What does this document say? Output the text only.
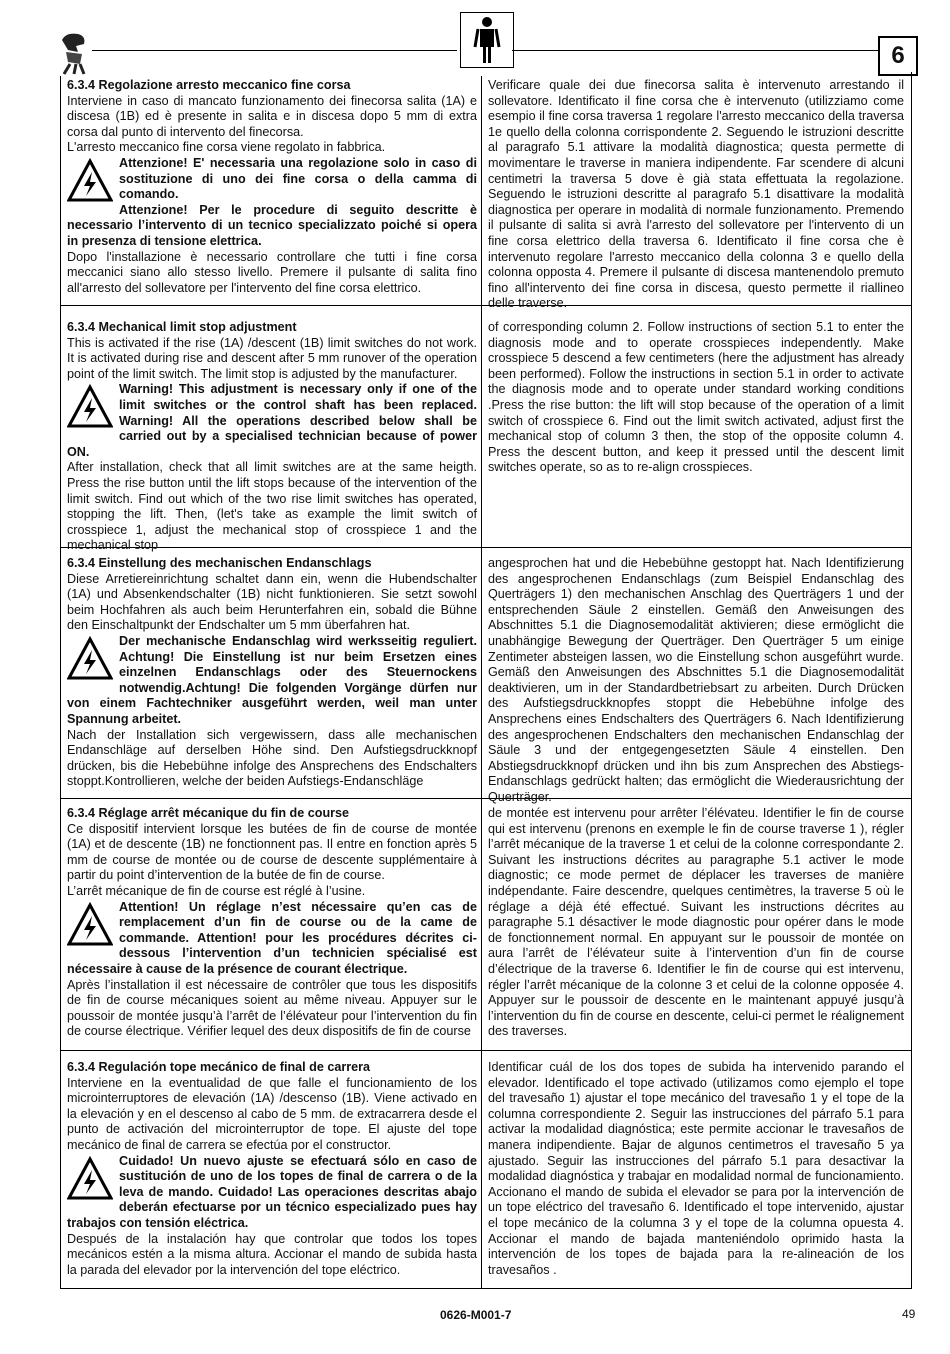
6

6.3.4 Regolazione arresto meccanico fine corsa

Interviene in caso di mancato funzionamento dei finecorsa salita (1A) e discesa (1B) ed è presente in salita e in discesa dopo 5 mm di extra corsa dal punto di intervento del finecorsa.

L'arresto meccanico fine corsa viene regolato in fabbrica.

Attenzione! E' necessaria una regolazione solo in caso di sostituzione di uno dei fine corsa o della camma di comando.

Attenzione! Per le procedure di seguito descritte è necessario l’intervento di un tecnico specializzato poiché si opera in presenza di tensione elettrica.

Dopo l'installazione è necessario controllare che tutti i fine corsa meccanici siano allo stesso livello. Premere il pulsante di salita fino all'arresto del sollevatore per l'intervento del fine corsa elettrico.

Verificare quale dei due finecorsa salita è intervenuto arrestando il sollevatore. Identificato il fine corsa che è intervenuto (utilizziamo come esempio il fine corsa traversa 1 regolare l'arresto meccanico della traversa 1e quello della colonna corrispondente 2. Seguendo le istruzioni descritte al paragrafo 5.1 attivare la modalità diagnostica; questa permette di movimentare le traverse in maniera indipendente. Far scendere di alcuni centimetri la traversa 5 dove è già stata effettuata la regolazione. Seguendo le istruzioni descritte al paragrafo 5.1 disattivare la modalità diagnostica per operare in modalità di normale funzionamento. Premendo il pulsante di salita si avrà l'arresto del sollevatore per l'intervento di un fine corsa elettrico della traversa 6. Identificato il fine corsa che è intervenuto regolare l'arresto meccanico della colonna 3 e quello della colonna opposta 4. Premere il pulsante di discesa mantenendolo premuto fino all'intervento dei fine corsa in discesa, questo permette il riallineo delle traverse.

6.3.4 Mechanical limit stop adjustment

This is activated if the rise (1A) /descent (1B) limit switches do not work. It is activated during rise and descent after 5 mm runover of the operation point of the limit switch. The limit stop is adjusted by the manufacturer.

Warning! This adjustment is necessary only if one of the limit switches or the control shaft has been replaced. Warning! All the operations described below shall be carried out by a specialised technician because of power ON.

After installation, check that all limit switches are at the same heigth. Press the rise button until the lift stops because of the intervention of the limit switch. Find out which of the two rise limit switches has operated, stopping the lift. Then, (let's take as example the limit switch of crosspiece 1, adjust the mechanical stop of crosspiece 1 and the mechanical stop

of corresponding column 2. Follow instructions of section 5.1 to enter the diagnosis mode and to operate crosspieces independently. Make crosspiece 5 descend a few centimeters (here the adjustment has already been performed). Follow the instructions in section 5.1 in order to activate the diagnosis mode and to operate under standard working conditions .Press the rise button: the lift will stop because of the operation of a limit switch of crosspiece 6. Find out the limit switch activated, adjust first the mechanical stop of column 3 then, the stop of the opposite column 4. Press the descent button, and keep it pressed until the descent limit switches operate, so as to re-align crosspieces.

6.3.4 Einstellung des mechanischen Endanschlags

Diese Arretiereinrichtung schaltet dann ein, wenn die Hubendschalter (1A) und Absenkendschalter (1B) nicht funktionieren. Sie setzt sowohl beim Hochfahren als auch beim Herunterfahren ein, sobald die Bühne den Einschaltpunkt der Endschalter um 5 mm überfahren hat.

Der mechanische Endanschlag wird werksseitig reguliert. Achtung! Die Einstellung ist nur beim Ersetzen eines einzelnen Endanschlags oder des Steuernockens notwendig.Achtung! Die folgenden Vorgänge dürfen nur von einem Fachtechniker ausgeführt werden, weil man unter Spannung arbeitet.

Nach der Installation sich vergewissern, dass alle mechanischen Endanschläge auf derselben Höhe sind. Den Aufstiegsdruckknopf drücken, bis die Hebebühne infolge des Ansprechens des Endschalters stoppt.Kontrollieren, welche der beiden Aufstiegs-Endanschläge

angesprochen hat und die Hebebühne gestoppt hat. Nach Identifizierung des angesprochenen Endanschlags (zum Beispiel Endanschlag des Querträgers 1) den mechanischen Anschlag des Querträgers 1 und der entsprechenden Säule 2 einstellen. Gemäß den Anweisungen des Abschnittes 5.1 die Diagnosemodalität aktivieren; diese ermöglicht die unabhängige Bewegung der Querträger. Den Querträger 5 um einige Zentimeter absteigen lassen, wo die Einstellung schon ausgeführt wurde. Gemäß den Anweisungen des Abschnittes 5.1 die Diagnosemodalität deaktivieren, um in der Standardbetriebsart zu arbeiten. Durch Drücken des Aufstiegsdruckknopfes stoppt die Hebebühne infolge des Ansprechens eines Endschalters des Querträgers 6. Nach Identifizierung des angesprochenen Endschalters den mechanischen Endanschlag der Säule 3 und der entgegengesetzten Säule 4 einstellen. Den Abstiegsdruckknopf drücken und ihn bis zum Ansprechen des Abstiegs-Endanschlags gedrückt halten; das ermöglicht die Wiederausrichtung der Querträger.

6.3.4 Réglage arrêt mécanique du fin de course

Ce dispositif intervient lorsque les butées de fin de course de montée (1A) et de descente (1B) ne fonctionnent pas. Il entre en fonction après 5 mm de course de montée ou de course de descente supplémentaire à partir du point d’intervention de la butée de fin de course.

L’arrêt mécanique de fin de course est réglé à l’usine.

Attention! Un réglage n’est nécessaire qu’en cas de remplacement d’un fin de course ou de la came de commande. Attention! pour les procédures décrites ci-dessous l’intervention d’un technicien spécialisé est nécessaire à cause de la présence de courant électrique.

Après l’installation il est nécessaire de contrôler que tous les dispositifs de fin de course mécaniques soient au même niveau. Appuyer sur le poussoir de montée jusqu’à l’arrêt de l’élévateur pour l’intervention du fin de course électrique. Vérifier lequel des deux dispositifs de fin de course

de montée est intervenu pour arrêter l’élévateu. Identifier le fin de course qui est intervenu (prenons en exemple le fin de course traverse 1 ), régler l’arrêt mécanique de la traverse 1 et celui de la colonne correspondante 2. Suivant les instructions décrites au paragraphe 5.1 activer le mode diagnostic; ce mode permet de déplacer les traverses de manière indépendante. Faire descendre, quelques centimètres, la traverse 5 où le réglage a déjà été effectué. Suivant les instructions décrites au paragraphe 5.1 désactiver le mode diagnostic pour opérer dans le mode de fonctionnement normal. En appuyant sur le poussoir de montée on aura l’arrêt de l’élévateur suite à l’intervention d’un fin de course d’électrique de la traverse 6. Identifier le fin de course qui est intervenu, régler l’arrêt mécanique de la colonne 3 et celui de la colonne opposée 4. Appuyer sur le poussoir de descente en le maintenant appuyé jusqu’à l’intervention du fin de course en descente, celui-ci permet le réalignement des traverses.

6.3.4 Regulación tope mecánico de final de carrera

Interviene en la eventualidad de que falle el funcionamiento de los microinterruptores de elevación (1A) /descenso (1B). Viene activado en la elevación y en el descenso al cabo de 5 mm. de extracarrera desde el punto de activación del microinterruptor de tope. El ajuste del tope mecánico de final de carrera se efectúa por el constructor.

Cuidado! Un nuevo ajuste se efectuará sólo en caso de sustitución de uno de los topes de final de carrera o de la leva de mando. Cuidado! Las operaciones descritas abajo deberán efectuarse por un técnico especializado pues hay trabajos con tensión eléctrica.

Después de la instalación hay que controlar que todos los topes mecánicos estén a la misma altura. Accionar el mando de subida hasta la parada del elevador por la intervención del tope eléctrico.

Identificar cuál de los dos topes de subida ha intervenido parando el elevador. Identificado el tope activado (utilizamos como ejemplo el tope del travesaño 1) ajustar el tope mecánico del travesaño 1 y el tope de la columna correspondiente 2. Seguir las instrucciones del párrafo 5.1 para activar la modalidad diagnóstica; este permite accionar le travesaños de manera indipendiente. Bajar de algunos centimetros el travesaño 5 ya ajustado. Seguir las instrucciones del párrafo 5.1 para desactivar la modalidad diagnóstica y trabajar en modalidad normal de funcionamiento. Accionano el mando de subida el elevador se para por la intervención de un tope eléctrico del travesaño 6. Identificado el tope intervenido, ajustar el tope mecánico de la columna 3 y el tope de la columna opuesta 4. Accionar el mando de bajada manteniéndolo oprimido hasta la intervención de los topes de bajada para la re-alineación de los travesaños .

0626-M001-7	49
